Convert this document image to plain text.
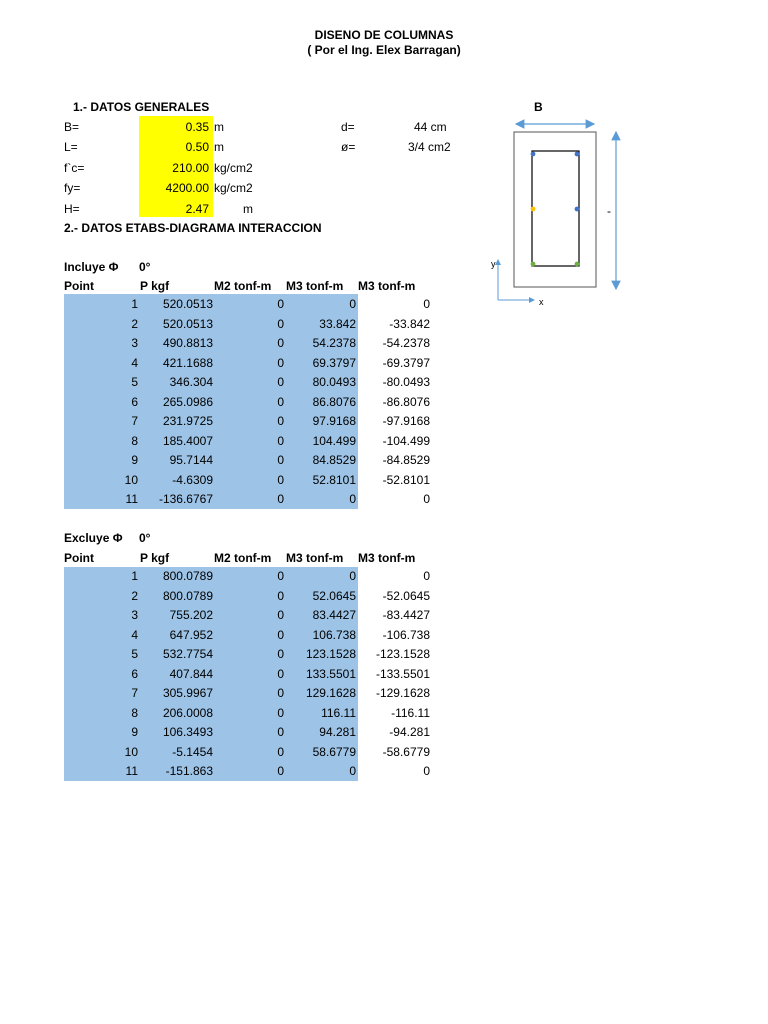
DISENO DE COLUMNAS
( Por el Ing. Elex Barragan)
1.- DATOS GENERALES
B=	0.35 m
L=	0.50 m
f`c=	210.00 kg/cm2
fy=	4200.00 kg/cm2
H=	2.47	m
d=	44 cm
ø=	3/4 cm2
2.- DATOS ETABS-DIAGRAMA INTERACCION
B
-
y
x
Incluye Φ 0°
Point	P kgf	M2 tonf-m M3 tonf-m M3 tonf-m
1	520.0513	0	0	0
2	520.0513	0	33.842	-33.842
3	490.8813	0	54.2378	-54.2378
4	421.1688	0	69.3797	-69.3797
5	346.304	0	80.0493	-80.0493
6	265.0986	0	86.8076	-86.8076
7	231.9725	0	97.9168	-97.9168
8	185.4007	0	104.499	-104.499
9	95.7144	0	84.8529	-84.8529
10	-4.6309	0	52.8101	-52.8101
11	-136.6767	0	0	0
Excluye Φ 0°
Point	P kgf	M2 tonf-m M3 tonf-m M3 tonf-m
1	800.0789	0	0	0
2	800.0789	0	52.0645	-52.0645
3	755.202	0	83.4427	-83.4427
4	647.952	0	106.738	-106.738
5	532.7754	0	123.1528	-123.1528
6	407.844	0	133.5501	-133.5501
7	305.9967	0	129.1628	-129.1628
8	206.0008	0	116.11	-116.11
9	106.3493	0	94.281	-94.281
10	-5.1454	0	58.6779	-58.6779
11	-151.863	0	0	0
